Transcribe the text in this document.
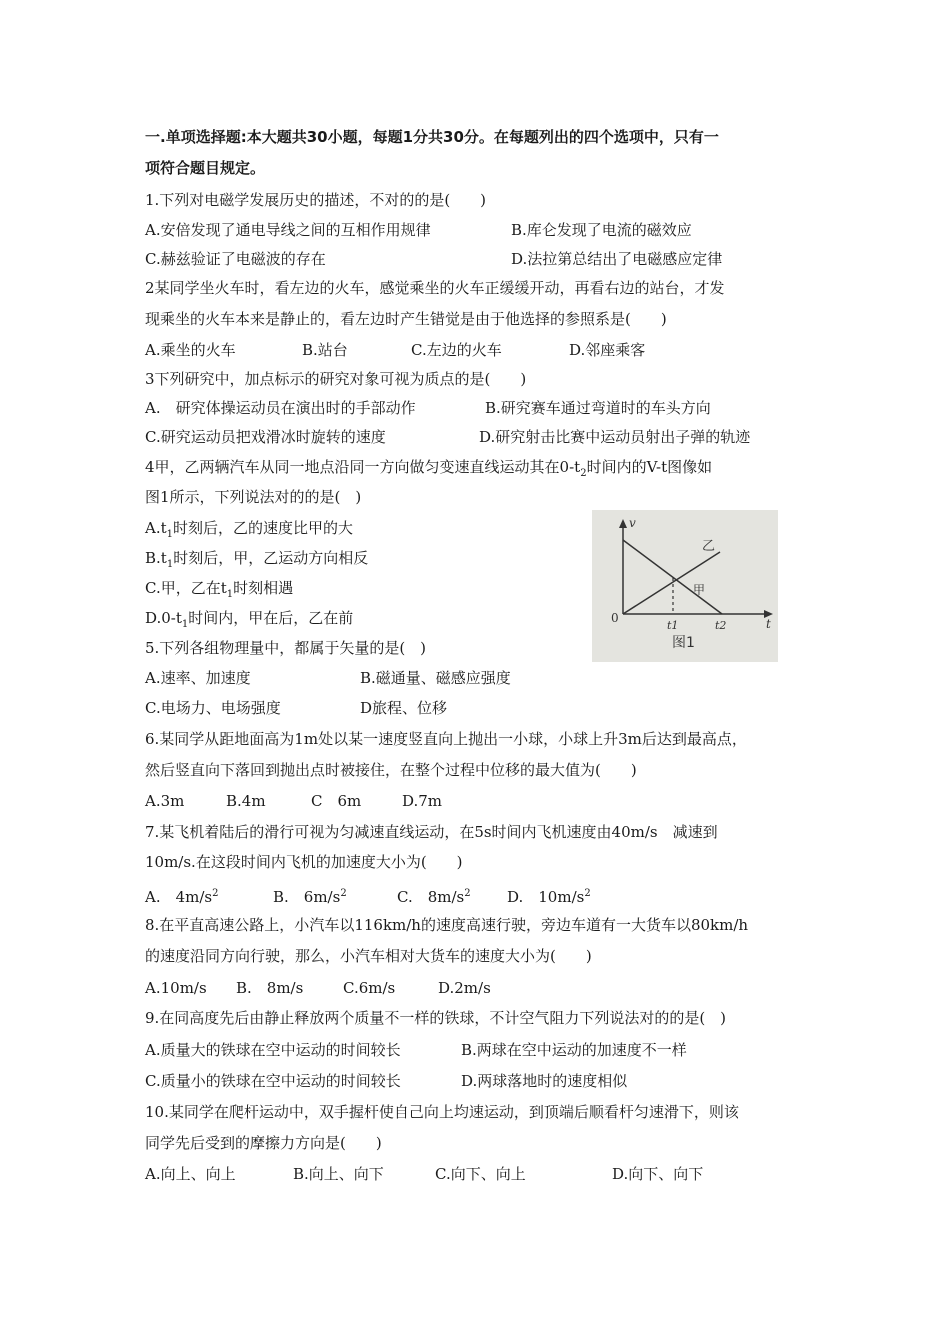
一.单项选择题:本大题共30小题，每题1分共30分。在每题列出的四个选项中，只有一
项符合题目规定。
1.下列对电磁学发展历史的描述，不对的的是(　　)
A.安倍发现了通电导线之间的互相作用规律	B.库仑发现了电流的磁效应
C.赫兹验证了电磁波的存在	D.法拉第总结出了电磁感应定律
2某同学坐火车时，看左边的火车，感觉乘坐的火车正缓缓开动，再看右边的站台，才发
现乘坐的火车本来是静止的，看左边时产生错觉是由于他选择的参照系是(　　)
A.乘坐的火车	B.站台	C.左边的火车	D.邻座乘客
3下列研究中，加点标示的研究对象可视为质点的是(　　)
A.　研究体操运动员在演出时的手部动作	B.研究赛车通过弯道时的车头方向
C.研究运动员把戏滑冰时旋转的速度	D.研究射击比赛中运动员射出子弹的轨迹
4甲，乙两辆汽车从同一地点沿同一方向做匀变速直线运动其在$0-t_2$时间内的V-t图像如
图1所示，下列说法对的的是(　)
$A.t_1$时刻后，乙的速度比甲的大
$B.t_1$时刻后，甲，乙运动方向相反
C.甲，乙在$t_1$时刻相遇
$D.0-t_1$时间内，甲在后，乙在前
v
t
0
乙
甲
t1	t2
图1
5.下列各组物理量中，都属于矢量的是(　)
A.速率、加速度	B.磁通量、磁感应强度
C.电场力、电场强度	D旅程、位移
6.某同学从距地面高为1m处以某一速度竖直向上抛出一小球，小球上升3m后达到最高点，
然后竖直向下落回到抛出点时被接住，在整个过程中位移的最大值为(　　)
A.3m	B.4m	C　6m	D.7m
7.某飞机着陆后的滑行可视为匀减速直线运动，在5s时间内飞机速度由40m/s　减速到
10m/s.在这段时间内飞机的加速度大小为(　　)
A.　$4m/s^2$	B.　$6m/s^2$	C.　$8m/s^2$ D.　$10m/s^2$
8.在平直高速公路上，小汽车以116km/h的速度高速行驶，旁边车道有一大货车以80km/h
的速度沿同方向行驶，那么，小汽车相对大货车的速度大小为(　　)
A.10m/s B.　8m/s	C.6m/s	D.2m/s
9.在同高度先后由静止释放两个质量不一样的铁球，不计空气阻力下列说法对的的是(　)
A.质量大的铁球在空中运动的时间较长	B.两球在空中运动的加速度不一样
C.质量小的铁球在空中运动的时间较长	D.两球落地时的速度相似
10.某同学在爬杆运动中，双手握杆使自己向上均速运动，到顶端后顺看杆匀速滑下，则该
同学先后受到的摩擦力方向是(　　)
A.向上、向上	B.向上、向下	C.向下、向上	D.向下、向下
